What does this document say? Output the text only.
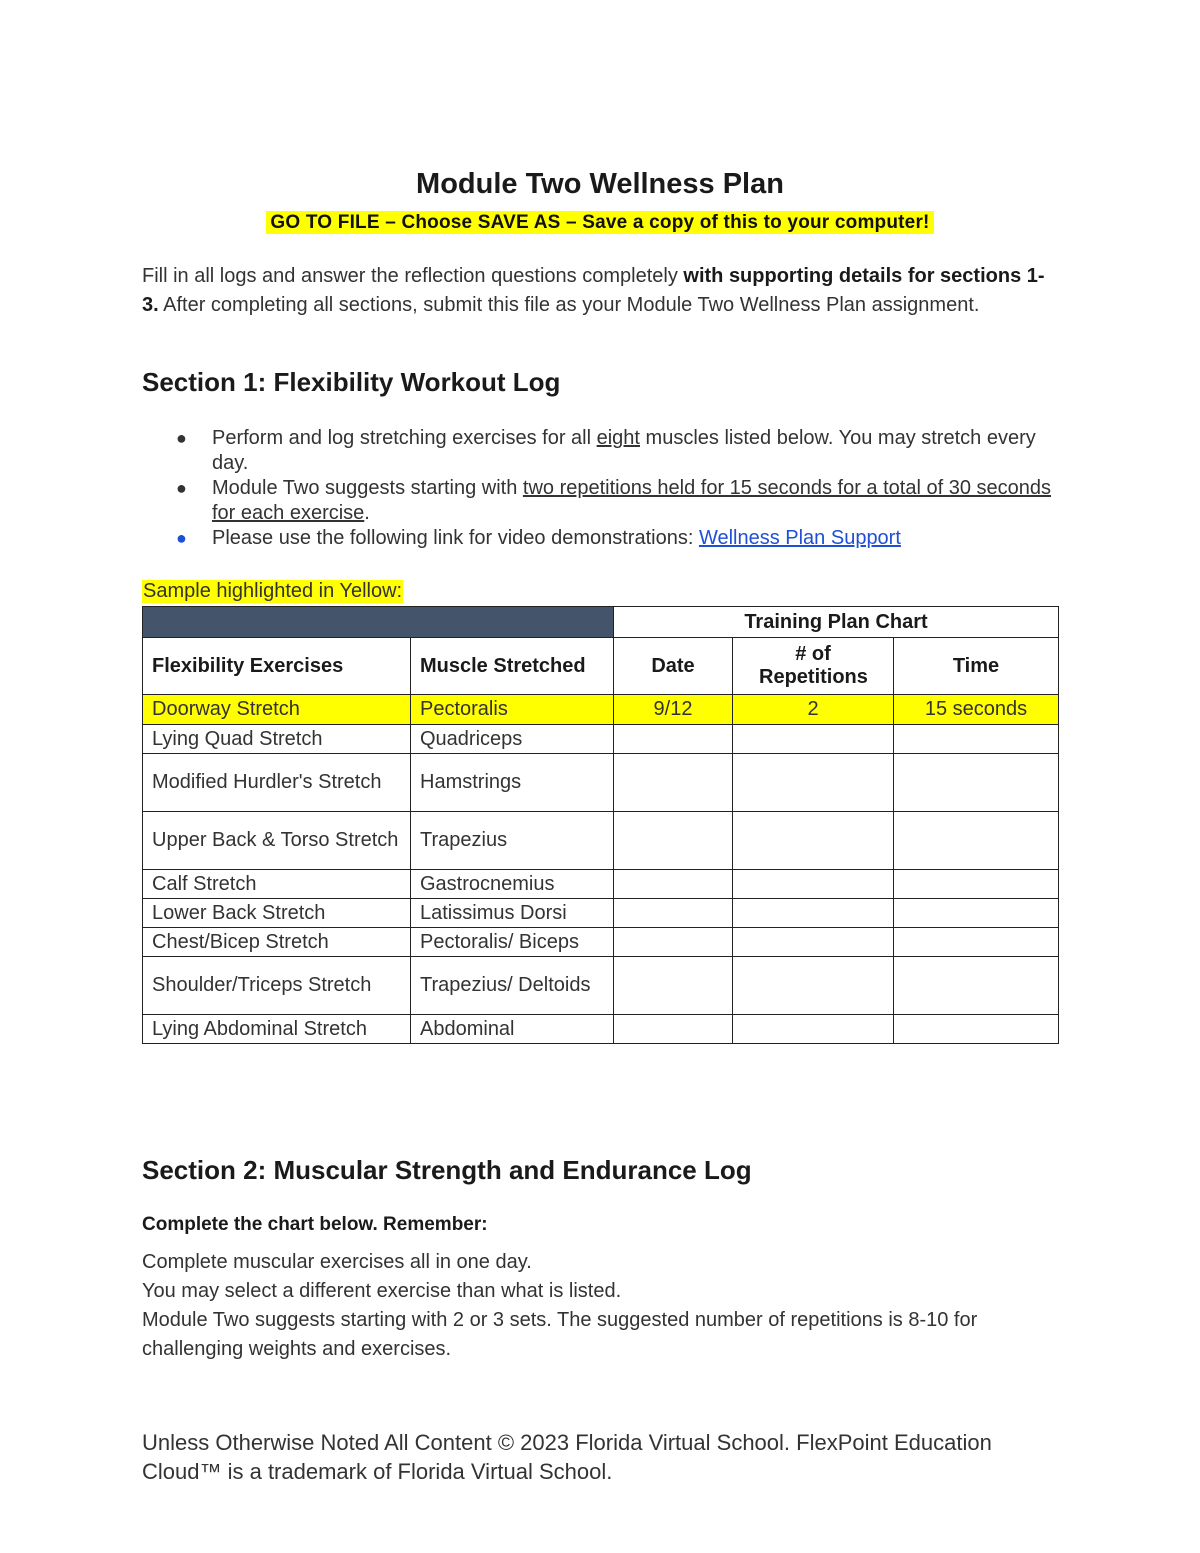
Module Two Wellness Plan
GO TO FILE – Choose SAVE AS – Save a copy of this to your computer!
Fill in all logs and answer the reflection questions completely with supporting details for sections 1-3. After completing all sections, submit this file as your Module Two Wellness Plan assignment.
Section 1: Flexibility Workout Log
● Perform and log stretching exercises for all eight muscles listed below. You may stretch every day.
● Module Two suggests starting with two repetitions held for 15 seconds for a total of 30 seconds for each exercise.
● Please use the following link for video demonstrations: Wellness Plan Support
Sample highlighted in Yellow:
		Training Plan Chart		
Flexibility Exercises	Muscle Stretched	Date	# of Repetitions	Time
Doorway Stretch	Pectoralis	9/12	2	15 seconds
Lying Quad Stretch	Quadriceps			
Modified Hurdler's Stretch	Hamstrings			
Upper Back & Torso Stretch	Trapezius			
Calf Stretch	Gastrocnemius			
Lower Back Stretch	Latissimus Dorsi			
Chest/Bicep Stretch	Pectoralis/ Biceps			
Shoulder/Triceps Stretch	Trapezius/ Deltoids			
Lying Abdominal Stretch	Abdominal			
Section 2: Muscular Strength and Endurance Log
Complete the chart below. Remember:
Complete muscular exercises all in one day.
You may select a different exercise than what is listed.
Module Two suggests starting with 2 or 3 sets. The suggested number of repetitions is 8-10 for challenging weights and exercises.
Unless Otherwise Noted All Content © 2023 Florida Virtual School. FlexPoint Education Cloud™ is a trademark of Florida Virtual School.
